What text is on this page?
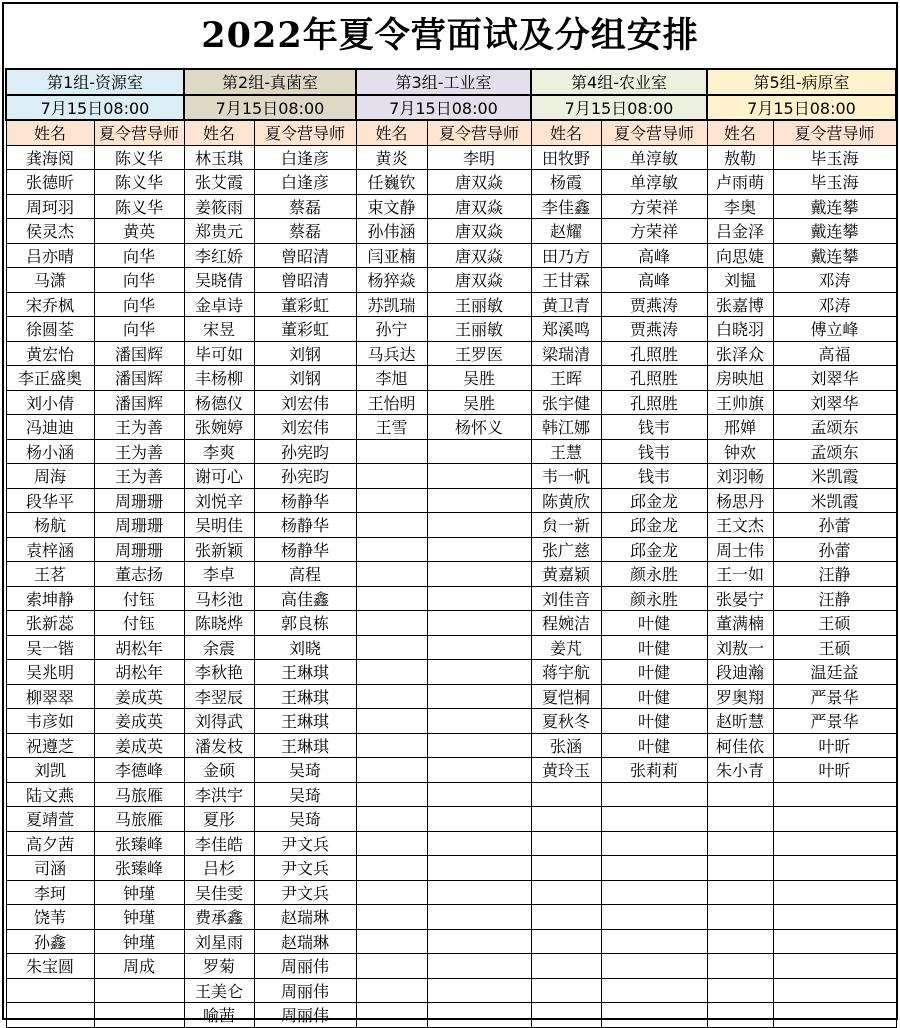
2022年夏令营面试及分组安排
第1组-资源室		第2组-真菌室		第3组-工业室		第4组-农业室		第5组-病原室	
7月15日08:00		7月15日08:00		7月15日08:00		7月15日08:00		7月15日08:00	
姓名	夏令营导师	姓名	夏令营导师	姓名	夏令营导师	姓名	夏令营导师	姓名	夏令营导师
龚海阅	陈义华	林玉琪	白逢彦	黄炎	李明	田牧野	单淳敏	敖勒	毕玉海
张德昕	陈义华	张艾霞	白逢彦	任巍钦	唐双焱	杨霞	单淳敏	卢雨萌	毕玉海
周珂羽	陈义华	姜筱雨	蔡磊	束文静	唐双焱	李佳鑫	方荣祥	李奥	戴连攀
侯灵杰	黄英	郑贵元	蔡磊	孙伟涵	唐双焱	赵耀	方荣祥	吕金泽	戴连攀
吕亦晴	向华	李红娇	曾昭清	闫亚楠	唐双焱	田乃方	高峰	向思婕	戴连攀
马潇	向华	吴晓倩	曾昭清	杨猝焱	唐双焱	王甘霖	高峰	刘韫	邓涛
宋乔枫	向华	金卓诗	董彩虹	苏凯瑞	王丽敏	黄卫青	贾燕涛	张嘉博	邓涛
徐圆荃	向华	宋昱	董彩虹	孙宁	王丽敏	郑溪鸣	贾燕涛	白晓羽	傅立峰
黄宏怡	潘国辉	毕可如	刘钢	马兵达	王罗医	梁瑞清	孔照胜	张泽众	高福
李正盛奥	潘国辉	丰杨柳	刘钢	李旭	吴胜	王晖	孔照胜	房映旭	刘翠华
刘小倩	潘国辉	杨德仪	刘宏伟	王怡明	吴胜	张宇健	孔照胜	王帅旗	刘翠华
冯迪迪	王为善	张婉婷	刘宏伟	王雪	杨怀义	韩江娜	钱韦	邢婵	孟颂东
杨小涵	王为善	李爽	孙宪昀			王慧	钱韦	钟欢	孟颂东
周海	王为善	谢可心	孙宪昀			韦一帆	钱韦	刘羽畅	米凯霞
段华平	周珊珊	刘悦辛	杨静华			陈黄欣	邱金龙	杨思丹	米凯霞
杨航	周珊珊	吴明佳	杨静华			贠一新	邱金龙	王文杰	孙蕾
袁梓涵	周珊珊	张新颖	杨静华			张广慈	邱金龙	周士伟	孙蕾
王茗	董志扬	李卓	高程			黄嘉颖	颜永胜	王一如	汪静
索坤静	付钰	马杉池	高佳鑫			刘佳音	颜永胜	张晏宁	汪静
张新蕊	付钰	陈晓烨	郭良栋			程婉洁	叶健	董满楠	王硕
吴一锴	胡松年	余震	刘晓			姜芃	叶健	刘敖一	王硕
吴兆明	胡松年	李秋艳	王琳琪			蒋宇航	叶健	段迪瀚	温廷益
柳翠翠	姜成英	李翌辰	王琳琪			夏恺桐	叶健	罗奥翔	严景华
韦彦如	姜成英	刘得武	王琳琪			夏秋冬	叶健	赵昕慧	严景华
祝遵芝	姜成英	潘发枝	王琳琪			张涵	叶健	柯佳依	叶昕
刘凯	李德峰	金硕	吴琦			黄玲玉	张莉莉	朱小青	叶昕
陆文燕	马旅雁	李洪宇	吴琦						
夏靖萱	马旅雁	夏彤	吴琦						
高夕茜	张臻峰	李佳皓	尹文兵						
司涵	张臻峰	吕杉	尹文兵						
李珂	钟瑾	吴佳雯	尹文兵						
饶苇	钟瑾	费承鑫	赵瑞琳						
孙鑫	钟瑾	刘星雨	赵瑞琳						
朱宝圆	周成	罗菊	周丽伟						
		王美仑	周丽伟						
		喻茜	周丽伟						
